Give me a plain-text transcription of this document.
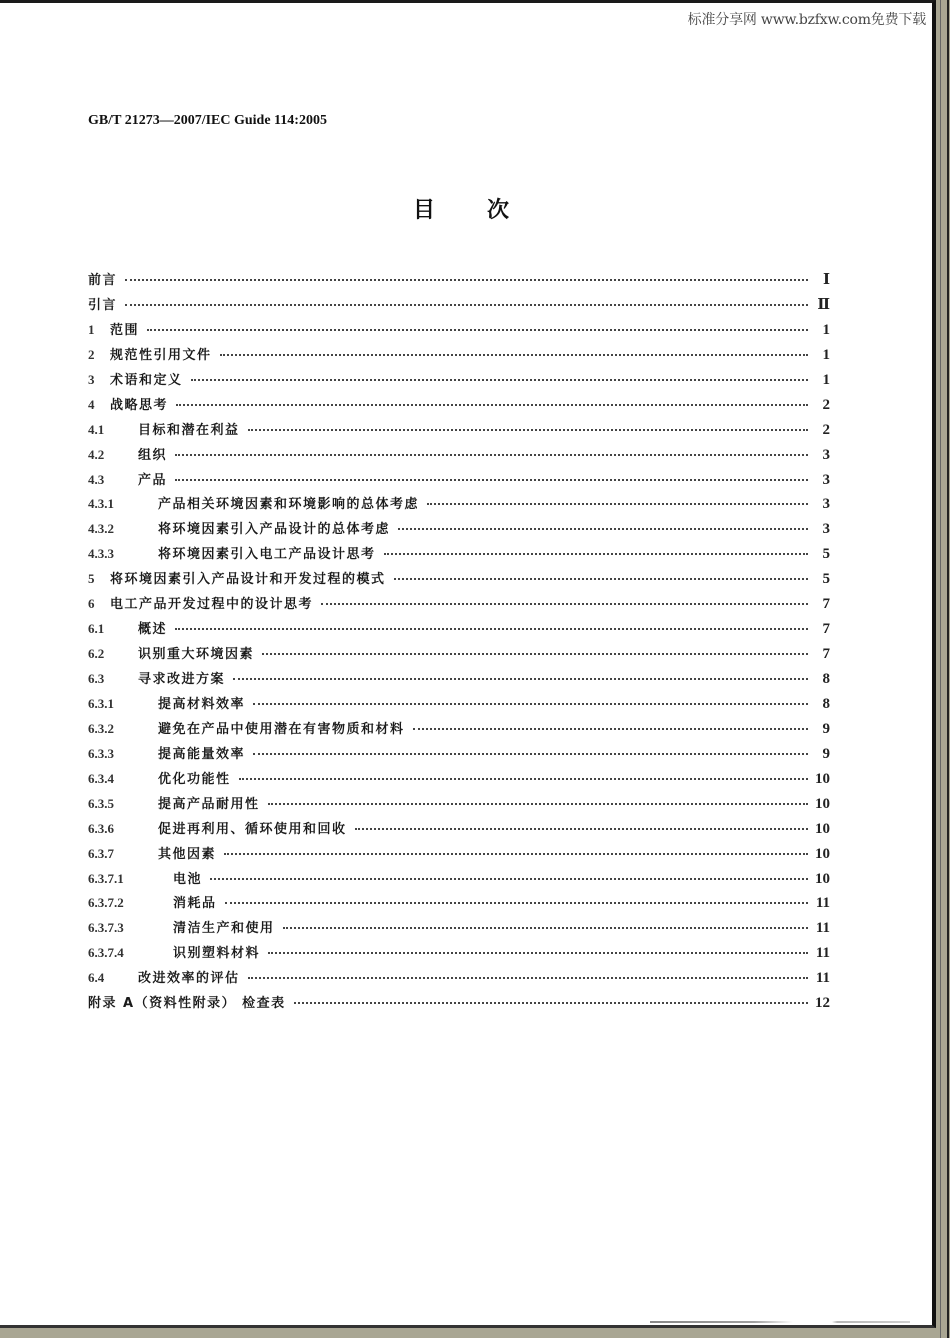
标准分享网 www.bzfxw.com免费下载
GB/T 21273—2007/IEC Guide 114:2005
目 次
前言	Ⅰ
引言	Ⅱ
1	范围	1
2	规范性引用文件	1
3	术语和定义	1
4	战略思考	2
4.1	目标和潜在利益	2
4.2	组织	3
4.3	产品	3
4.3.1	产品相关环境因素和环境影响的总体考虑	3
4.3.2	将环境因素引入产品设计的总体考虑	3
4.3.3	将环境因素引入电工产品设计思考	5
5	将环境因素引入产品设计和开发过程的模式	5
6	电工产品开发过程中的设计思考	7
6.1	概述	7
6.2	识别重大环境因素	7
6.3	寻求改进方案	8
6.3.1	提高材料效率	8
6.3.2	避免在产品中使用潜在有害物质和材料	9
6.3.3	提高能量效率	9
6.3.4	优化功能性	10
6.3.5	提高产品耐用性	10
6.3.6	促进再利用、循环使用和回收	10
6.3.7	其他因素	10
6.3.7.1	电池	10
6.3.7.2	消耗品	11
6.3.7.3	清洁生产和使用	11
6.3.7.4	识别塑料材料	11
6.4	改进效率的评估	11
附录 A（资料性附录） 检查表	12
